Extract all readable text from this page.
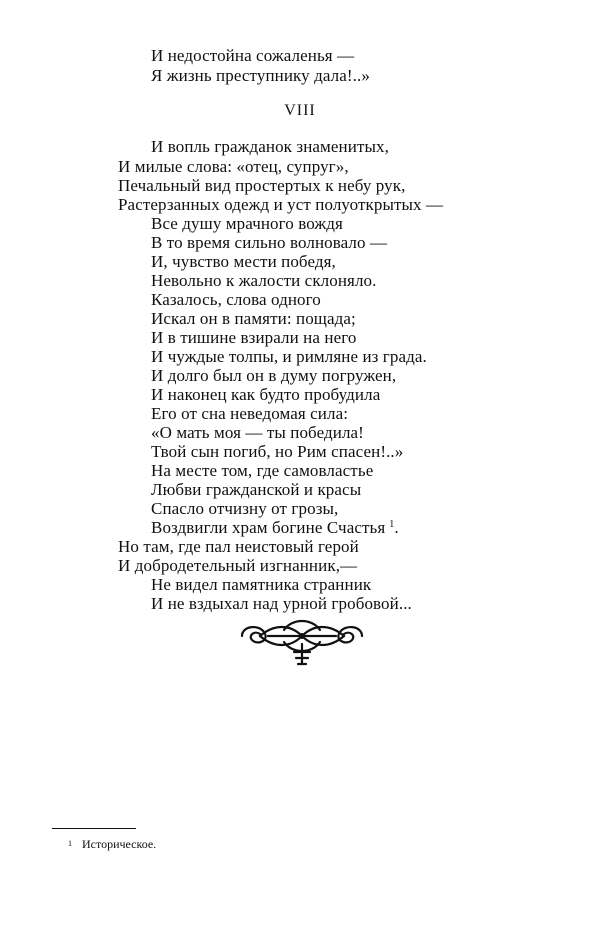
И недостойна сожаленья —
Я жизнь преступнику дала!..»
VIII
И вопль гражданок знаменитых,
И милые слова: «отец, супруг»,
Печальный вид простертых к небу рук,
Растерзанных одежд и уст полуоткрытых —
Все душу мрачного вождя
В то время сильно волновало —
И, чувство мести победя,
Невольно к жалости склоняло.
Казалось, слова одного
Искал он в памяти: пощада;
И в тишине взирали на него
И чуждые толпы, и римляне из града.
И долго был он в думу погружен,
И наконец как будто пробудила
Его от сна неведомая сила:
«О мать моя — ты победила!
Твой сын погиб, но Рим спасен!..»
На месте том, где самовластье
Любви гражданской и красы
Спасло отчизну от грозы,
Воздвигли храм богине Счастья $^1$.
Но там, где пал неистовый герой
И добродетельный изгнанник,—
Не видел памятника странник
И не вздыхал над урной гробовой...
$^1$ Историческое.
